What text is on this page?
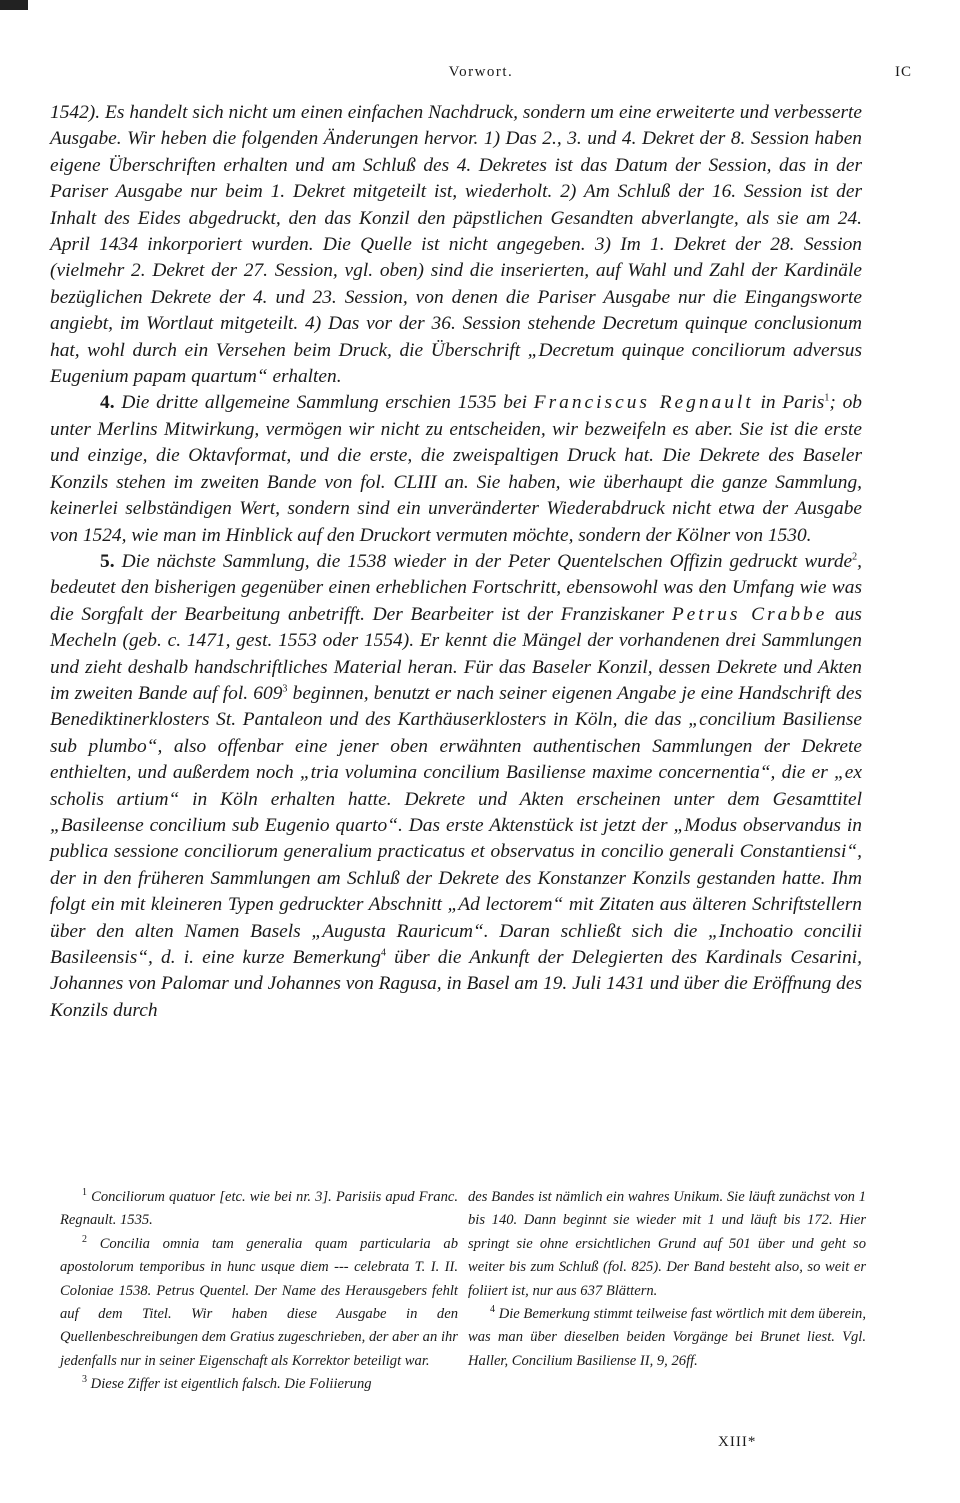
Vorwort.	IC

1542). Es handelt sich nicht um einen einfachen Nachdruck, sondern um eine erweiterte und verbesserte Ausgabe. Wir heben die folgenden Änderungen hervor. 1) Das 2., 3. und 4. Dekret der 8. Session haben eigene Überschriften erhalten und am Schluß des 4. Dekretes ist das Datum der Session, das in der Pariser Ausgabe nur beim 1. Dekret mitgeteilt ist, wiederholt. 2) Am Schluß der 16. Session ist der Inhalt des Eides abgedruckt, den das Konzil den päpstlichen Gesandten abverlangte, als sie am 24. April 1434 inkorporiert wurden. Die Quelle ist nicht angegeben. 3) Im 1. Dekret der 28. Session (vielmehr 2. Dekret der 27. Session, vgl. oben) sind die inserierten, auf Wahl und Zahl der Kardinäle bezüglichen Dekrete der 4. und 23. Session, von denen die Pariser Ausgabe nur die Eingangsworte angiebt, im Wortlaut mitgeteilt. 4) Das vor der 36. Session stehende Decretum quinque conclusionum hat, wohl durch ein Versehen beim Druck, die Überschrift „Decretum quinque conciliorum adversus Eugenium papam quartum“ erhalten.

4. Die dritte allgemeine Sammlung erschien 1535 bei Franciscus Regnault in Paris$^1$; ob unter Merlins Mitwirkung, vermögen wir nicht zu entscheiden, wir bezweifeln es aber. Sie ist die erste und einzige, die Oktavformat, und die erste, die zweispaltigen Druck hat. Die Dekrete des Baseler Konzils stehen im zweiten Bande von fol. CLIII an. Sie haben, wie überhaupt die ganze Sammlung, keinerlei selbständigen Wert, sondern sind ein unveränderter Wiederabdruck nicht etwa der Ausgabe von 1524, wie man im Hinblick auf den Druckort vermuten möchte, sondern der Kölner von 1530.

5. Die nächste Sammlung, die 1538 wieder in der Peter Quentelschen Offizin gedruckt wurde$^2$, bedeutet den bisherigen gegenüber einen erheblichen Fortschritt, ebensowohl was den Umfang wie was die Sorgfalt der Bearbeitung anbetrifft. Der Bearbeiter ist der Franziskaner Petrus Crabbe aus Mecheln (geb. c. 1471, gest. 1553 oder 1554). Er kennt die Mängel der vorhandenen drei Sammlungen und zieht deshalb handschriftliches Material heran. Für das Baseler Konzil, dessen Dekrete und Akten im zweiten Bande auf fol. $609^3$ beginnen, benutzt er nach seiner eigenen Angabe je eine Handschrift des Benediktinerklosters St. Pantaleon und des Karthäuserklosters in Köln, die das „concilium Basiliense sub plumbo“, also offenbar eine jener oben erwähnten authentischen Sammlungen der Dekrete enthielten, und außerdem noch „tria volumina concilium Basiliense maxime concernentia“, die er „ex scholis artium“ in Köln erhalten hatte. Dekrete und Akten erscheinen unter dem Gesamttitel „Basileense concilium sub Eugenio quarto“. Das erste Aktenstück ist jetzt der „Modus observandus in publica sessione conciliorum generalium practicatus et observatus in concilio generali Constantiensi“, der in den früheren Sammlungen am Schluß der Dekrete des Konstanzer Konzils gestanden hatte. Ihm folgt ein mit kleineren Typen gedruckter Abschnitt „Ad lectorem“ mit Zitaten aus älteren Schriftstellern über den alten Namen Basels „Augusta Rauricum“. Daran schließt sich die „Inchoatio concilii Basileensis“, d. i. eine kurze Bemerkung$^4$ über die Ankunft der Delegierten des Kardinals Cesarini, Johannes von Palomar und Johannes von Ragusa, in Basel am 19. Juli 1431 und über die Eröffnung des Konzils durch

$^1$ Conciliorum quatuor [etc. wie bei nr. 3]. Parisiis apud Franc. Regnault. 1535.

$^2$ Concilia omnia tam generalia quam particularia ab apostolorum temporibus in hunc usque diem --- celebrata T. I. II. Coloniae 1538. Petrus Quentel. Der Name des Herausgebers fehlt auf dem Titel. Wir haben diese Ausgabe in den Quellenbeschreibungen dem Gratius zugeschrieben, der aber an ihr jedenfalls nur in seiner Eigenschaft als Korrektor beteiligt war.

$^3$ Diese Ziffer ist eigentlich falsch. Die Foliierung

des Bandes ist nämlich ein wahres Unikum. Sie läuft zunächst von 1 bis 140. Dann beginnt sie wieder mit 1 und läuft bis 172. Hier springt sie ohne ersichtlichen Grund auf 501 über und geht so weiter bis zum Schluß (fol. 825). Der Band besteht also, so weit er foliiert ist, nur aus 637 Blättern.

$^4$ Die Bemerkung stimmt teilweise fast wörtlich mit dem überein, was man über dieselben beiden Vorgänge bei Brunet liest. Vgl. Haller, Concilium Basiliense II, 9, 26ff.

XIII*
